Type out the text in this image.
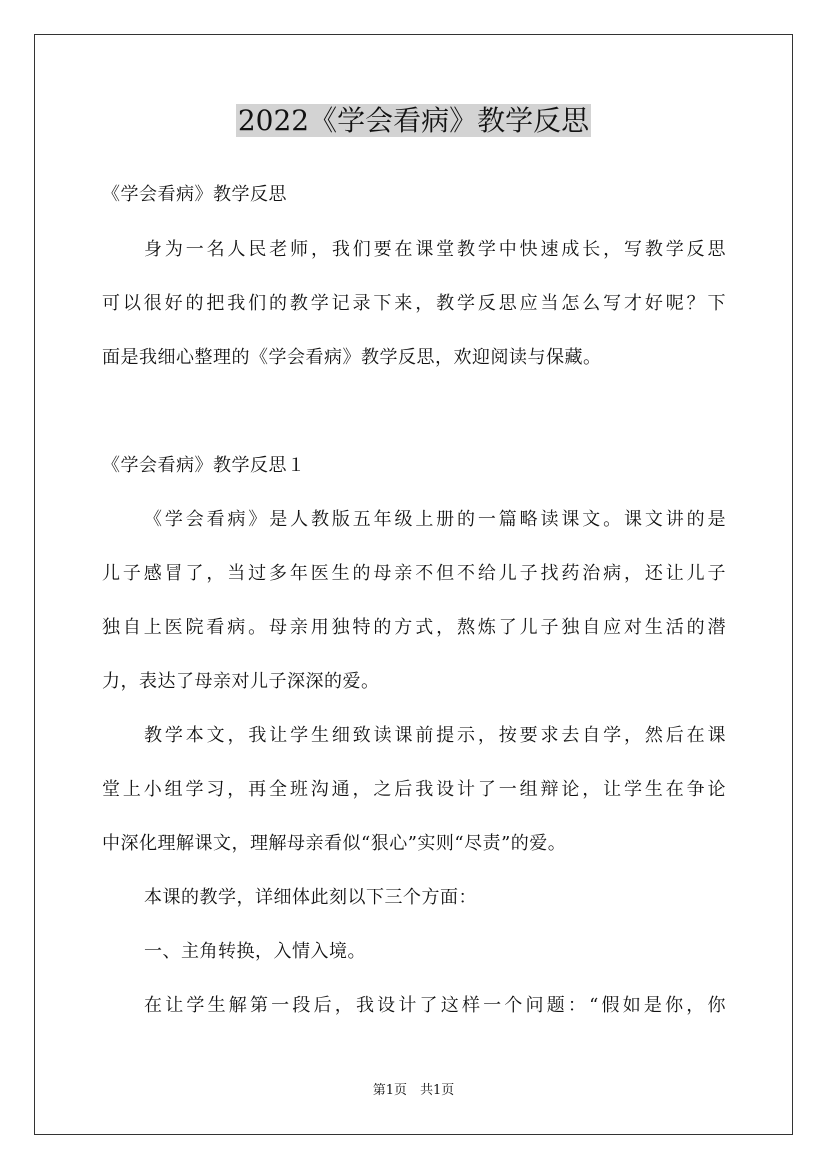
2022《学会看病》教学反思
《学会看病》教学反思
身为一名人民老师，我们要在课堂教学中快速成长，写教学反思
可以很好的把我们的教学记录下来，教学反思应当怎么写才好呢？下
面是我细心整理的《学会看病》教学反思，欢迎阅读与保藏。
《学会看病》教学反思１
《学会看病》是人教版五年级上册的一篇略读课文。课文讲的是
儿子感冒了，当过多年医生的母亲不但不给儿子找药治病，还让儿子
独自上医院看病。母亲用独特的方式，熬炼了儿子独自应对生活的潜
力，表达了母亲对儿子深深的爱。
教学本文，我让学生细致读课前提示，按要求去自学，然后在课
堂上小组学习，再全班沟通，之后我设计了一组辩论，让学生在争论
中深化理解课文，理解母亲看似“狠心”实则“尽责”的爱。
本课的教学，详细体此刻以下三个方面：
一、主角转换，入情入境。
在让学生解第一段后，我设计了这样一个问题：“假如是你，你
第1页　共1页
